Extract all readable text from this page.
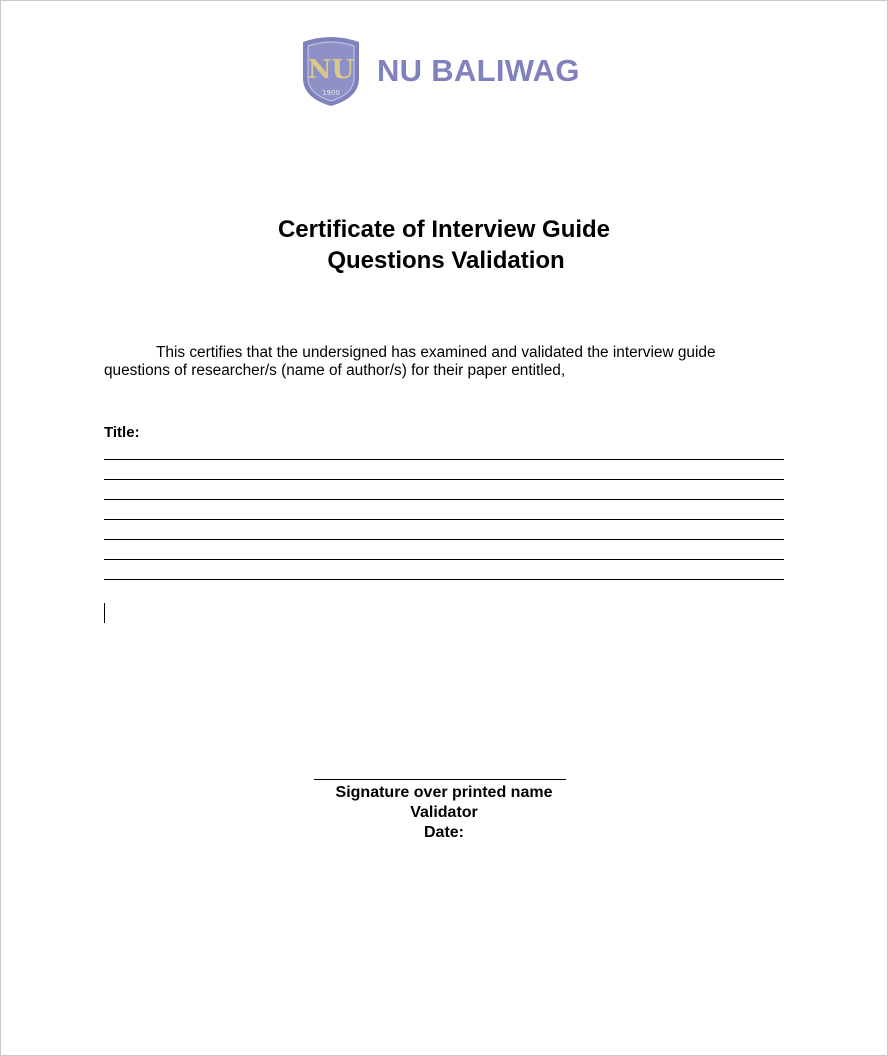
NU
1900
NU BALIWAG
Certificate of Interview Guide
Questions Validation
This certifies that the undersigned has examined and validated the interview guide
questions of researcher/s (name of author/s) for their paper entitled,
Title:
Signature over printed name
Validator
Date:
